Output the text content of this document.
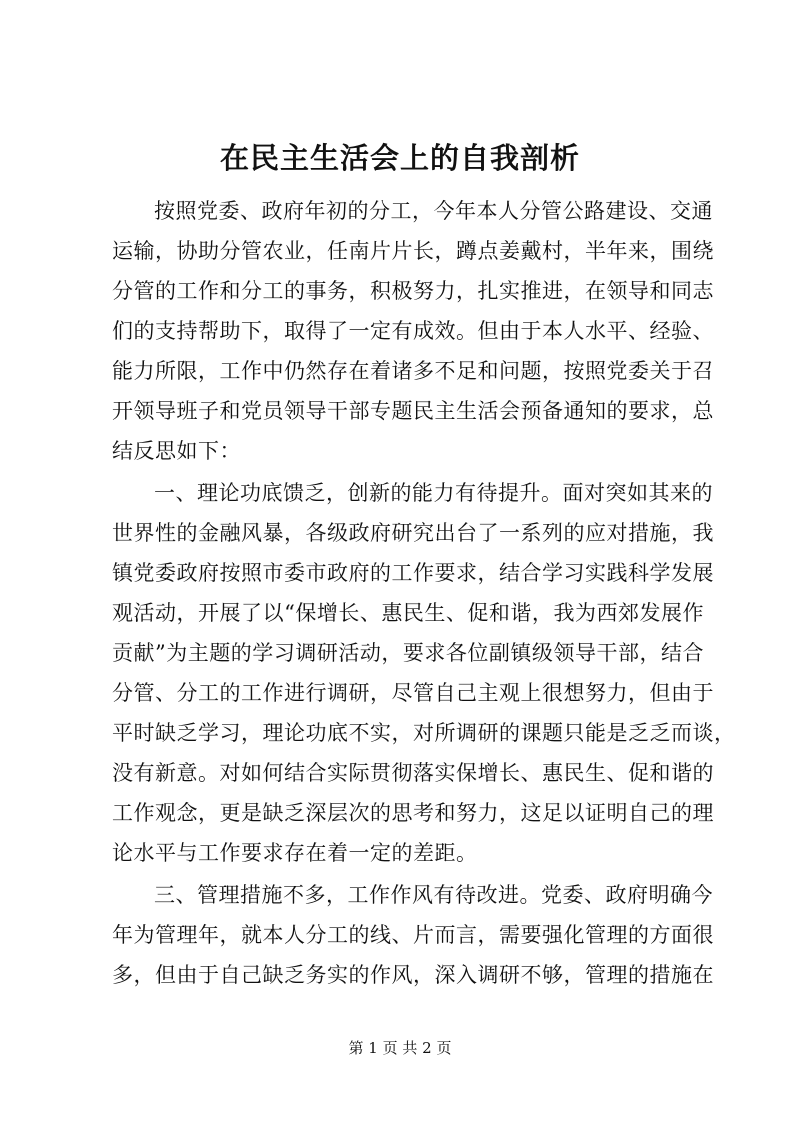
在民主生活会上的自我剖析
按照党委、政府年初的分工，今年本人分管公路建设、交通
运输，协助分管农业，任南片片长，蹲点姜戴村，半年来，围绕
分管的工作和分工的事务，积极努力，扎实推进，在领导和同志
们的支持帮助下，取得了一定有成效。但由于本人水平、经验、
能力所限，工作中仍然存在着诸多不足和问题，按照党委关于召
开领导班子和党员领导干部专题民主生活会预备通知的要求，总
结反思如下：
一、理论功底馈乏，创新的能力有待提升。面对突如其来的
世界性的金融风暴，各级政府研究出台了一系列的应对措施，我
镇党委政府按照市委市政府的工作要求，结合学习实践科学发展
观活动，开展了以“保增长、惠民生、促和谐，我为西郊发展作
贡献”为主题的学习调研活动，要求各位副镇级领导干部，结合
分管、分工的工作进行调研，尽管自己主观上很想努力，但由于
平时缺乏学习，理论功底不实，对所调研的课题只能是乏乏而谈，
没有新意。对如何结合实际贯彻落实保增长、惠民生、促和谐的
工作观念，更是缺乏深层次的思考和努力，这足以证明自己的理
论水平与工作要求存在着一定的差距。
三、管理措施不多，工作作风有待改进。党委、政府明确今
年为管理年，就本人分工的线、片而言，需要强化管理的方面很
多，但由于自己缺乏务实的作风，深入调研不够，管理的措施在
第 1 页 共 2 页
